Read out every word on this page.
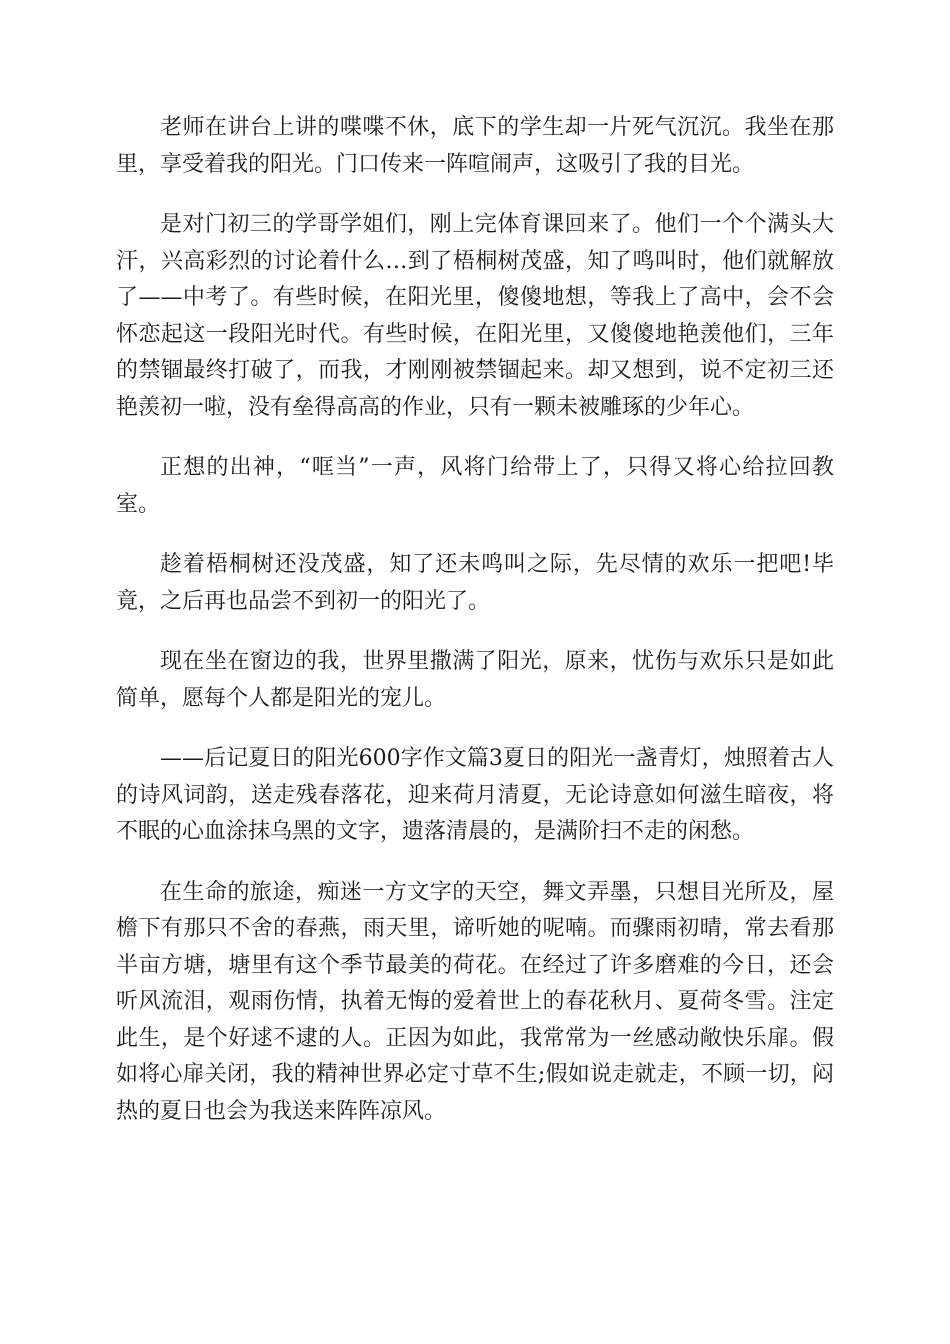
老师在讲台上讲的喋喋不休，底下的学生却一片死气沉沉。我坐在那里，享受着我的阳光。门口传来一阵喧闹声，这吸引了我的目光。

是对门初三的学哥学姐们，刚上完体育课回来了。他们一个个满头大汗，兴高彩烈的讨论着什么…到了梧桐树茂盛，知了鸣叫时，他们就解放了——中考了。有些时候，在阳光里，傻傻地想，等我上了高中，会不会怀恋起这一段阳光时代。有些时候，在阳光里，又傻傻地艳羡他们，三年的禁锢最终打破了，而我，才刚刚被禁锢起来。却又想到，说不定初三还艳羡初一啦，没有垒得高高的作业，只有一颗未被雕琢的少年心。

正想的出神，“哐当”一声，风将门给带上了，只得又将心给拉回教室。

趁着梧桐树还没茂盛，知了还未鸣叫之际，先尽情的欢乐一把吧!毕竟，之后再也品尝不到初一的阳光了。

现在坐在窗边的我，世界里撒满了阳光，原来，忧伤与欢乐只是如此简单，愿每个人都是阳光的宠儿。

——后记夏日的阳光600字作文篇3夏日的阳光一盏青灯，烛照着古人的诗风词韵，送走残春落花，迎来荷月清夏，无论诗意如何滋生暗夜，将不眠的心血涂抹乌黑的文字，遗落清晨的，是满阶扫不走的闲愁。

在生命的旅途，痴迷一方文字的天空，舞文弄墨，只想目光所及，屋檐下有那只不舍的春燕，雨天里，谛听她的呢喃。而骤雨初晴，常去看那半亩方塘，塘里有这个季节最美的荷花。在经过了许多磨难的今日，还会听风流泪，观雨伤情，执着无悔的爱着世上的春花秋月、夏荷冬雪。注定此生，是个好逑不逮的人。正因为如此，我常常为一丝感动敞快乐扉。假如将心扉关闭，我的精神世界必定寸草不生;假如说走就走，不顾一切，闷热的夏日也会为我送来阵阵凉风。
